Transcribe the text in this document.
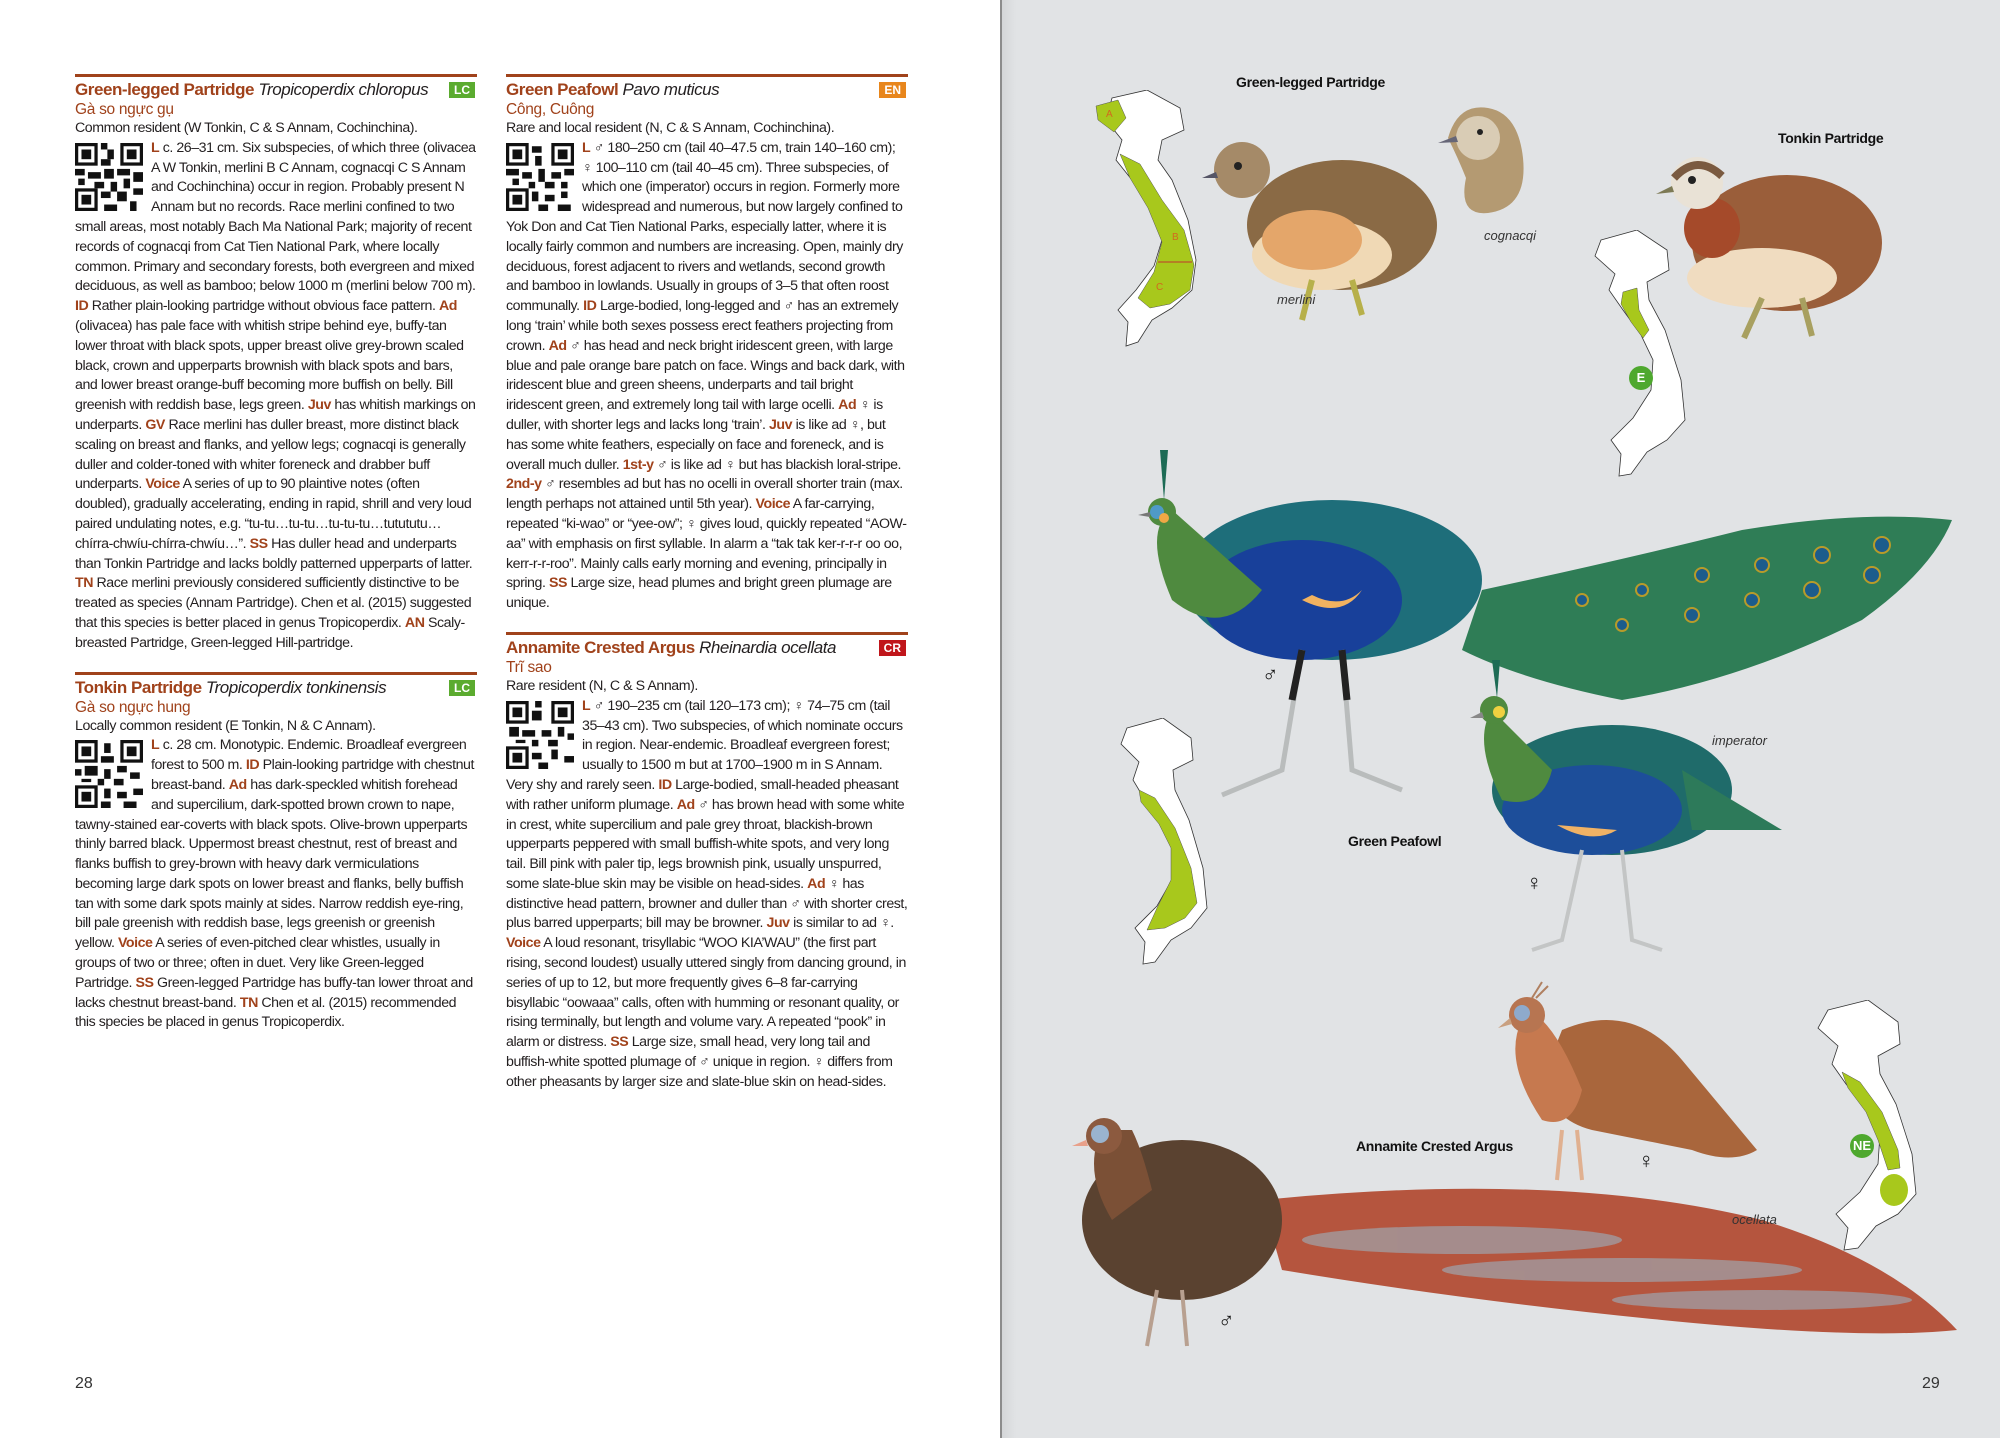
Green-legged Partridge Tropicoperdix chloropus	LC
Gà so ngực gụ
Common resident (W Tonkin, C & S Annam, Cochinchina).
L c. 26–31 cm. Six subspecies, of which three (olivacea A W Tonkin, merlini B C Annam, cognacqi C S Annam and Cochinchina) occur in region. Probably present N Annam but no records. Race merlini confined to two small areas, most notably Bach Ma National Park; majority of recent records of cognacqi from Cat Tien National Park, where locally common. Primary and secondary forests, both evergreen and mixed deciduous, as well as bamboo; below 1000 m (merlini below 700 m). ID Rather plain-looking partridge without obvious face pattern. Ad (olivacea) has pale face with whitish stripe behind eye, buffy-tan lower throat with black spots, upper breast olive grey-brown scaled black, crown and upperparts brownish with black spots and bars, and lower breast orange-buff becoming more buffish on belly. Bill greenish with reddish base, legs green. Juv has whitish markings on underparts. GV Race merlini has duller breast, more distinct black scaling on breast and flanks, and yellow legs; cognacqi is generally duller and colder-toned with whiter foreneck and drabber buff underparts. Voice A series of up to 90 plaintive notes (often doubled), gradually accelerating, ending in rapid, shrill and very loud paired undulating notes, e.g. “tu-tu…tu-tu…tu-tu-tu…tutututu…chírra-chwíu-chírra-chwíu…”. SS Has duller head and underparts than Tonkin Partridge and lacks boldly patterned upperparts of latter. TN Race merlini previously considered sufficiently distinctive to be treated as species (Annam Partridge). Chen et al. (2015) suggested that this species is better placed in genus Tropicoperdix. AN Scaly-breasted Partridge, Green-legged Hill-partridge.
Tonkin Partridge Tropicoperdix tonkinensis	LC
Gà so ngực hung
Locally common resident (E Tonkin, N & C Annam).
L c. 28 cm. Monotypic. Endemic. Broadleaf evergreen forest to 500 m. ID Plain-looking partridge with chestnut breast-band. Ad has dark-speckled whitish forehead and supercilium, dark-spotted brown crown to nape, tawny-stained ear-coverts with black spots. Olive-brown upperparts thinly barred black. Uppermost breast chestnut, rest of breast and flanks buffish to grey-brown with heavy dark vermiculations becoming large dark spots on lower breast and flanks, belly buffish tan with some dark spots mainly at sides. Narrow reddish eye-ring, bill pale greenish with reddish base, legs greenish or greenish yellow. Voice A series of even-pitched clear whistles, usually in groups of two or three; often in duet. Very like Green-legged Partridge. SS Green-legged Partridge has buffy-tan lower throat and lacks chestnut breast-band. TN Chen et al. (2015) recommended this species be placed in genus Tropicoperdix.
Green Peafowl Pavo muticus	EN
Công, Cuông
Rare and local resident (N, C & S Annam, Cochinchina).
L ♂ 180–250 cm (tail 40–47.5 cm, train 140–160 cm); ♀ 100–110 cm (tail 40–45 cm). Three subspecies, of which one (imperator) occurs in region. Formerly more widespread and numerous, but now largely confined to Yok Don and Cat Tien National Parks, especially latter, where it is locally fairly common and numbers are increasing. Open, mainly dry deciduous, forest adjacent to rivers and wetlands, second growth and bamboo in lowlands. Usually in groups of 3–5 that often roost communally. ID Large-bodied, long-legged and ♂ has an extremely long ‘train’ while both sexes possess erect feathers projecting from crown. Ad ♂ has head and neck bright iridescent green, with large blue and pale orange bare patch on face. Wings and back dark, with iridescent blue and green sheens, underparts and tail bright iridescent green, and extremely long tail with large ocelli. Ad ♀ is duller, with shorter legs and lacks long ‘train’. Juv is like ad ♀, but has some white feathers, especially on face and foreneck, and is overall much duller. 1st-y ♂ is like ad ♀ but has blackish loral-stripe. 2nd-y ♂ resembles ad but has no ocelli in overall shorter train (max. length perhaps not attained until 5th year). Voice A far-carrying, repeated “ki-wao” or “yee-ow”; ♀ gives loud, quickly repeated “AOW-aa” with emphasis on first syllable. In alarm a “tak tak ker-r-r-r oo oo, kerr-r-r-roo”. Mainly calls early morning and evening, principally in spring. SS Large size, head plumes and bright green plumage are unique.
Annamite Crested Argus Rheinardia ocellata	CR
Trĩ sao
Rare resident (N, C & S Annam).
L ♂ 190–235 cm (tail 120–173 cm); ♀ 74–75 cm (tail 35–43 cm). Two subspecies, of which nominate occurs in region. Near-endemic. Broadleaf evergreen forest; usually to 1500 m but at 1700–1900 m in S Annam. Very shy and rarely seen. ID Large-bodied, small-headed pheasant with rather uniform plumage. Ad ♂ has brown head with some white in crest, white supercilium and pale grey throat, blackish-brown upperparts peppered with small buffish-white spots, and very long tail. Bill pink with paler tip, legs brownish pink, usually unspurred, some slate-blue skin may be visible on head-sides. Ad ♀ has distinctive head pattern, browner and duller than ♂ with shorter crest, plus barred upperparts; bill may be browner. Juv is similar to ad ♀. Voice A loud resonant, trisyllabic “WOO KIA’WAU” (the first part rising, second loudest) usually uttered singly from dancing ground, in series of up to 12, but more frequently gives 6–8 far-carrying bisyllabic “oowaaa” calls, often with humming or resonant quality, or rising terminally, but length and volume vary. A repeated “pook” in alarm or distress. SS Large size, small head, very long tail and buffish-white spotted plumage of ♂ unique in region. ♀ differs from other pheasants by larger size and slate-blue skin on head-sides.
28
Green-legged Partridge
A
B
C
merlini
cognacqi
Tonkin Partridge
E
♂
imperator
Green Peafowl
♀
♀
Annamite Crested Argus
♂
ocellata
NE
29
